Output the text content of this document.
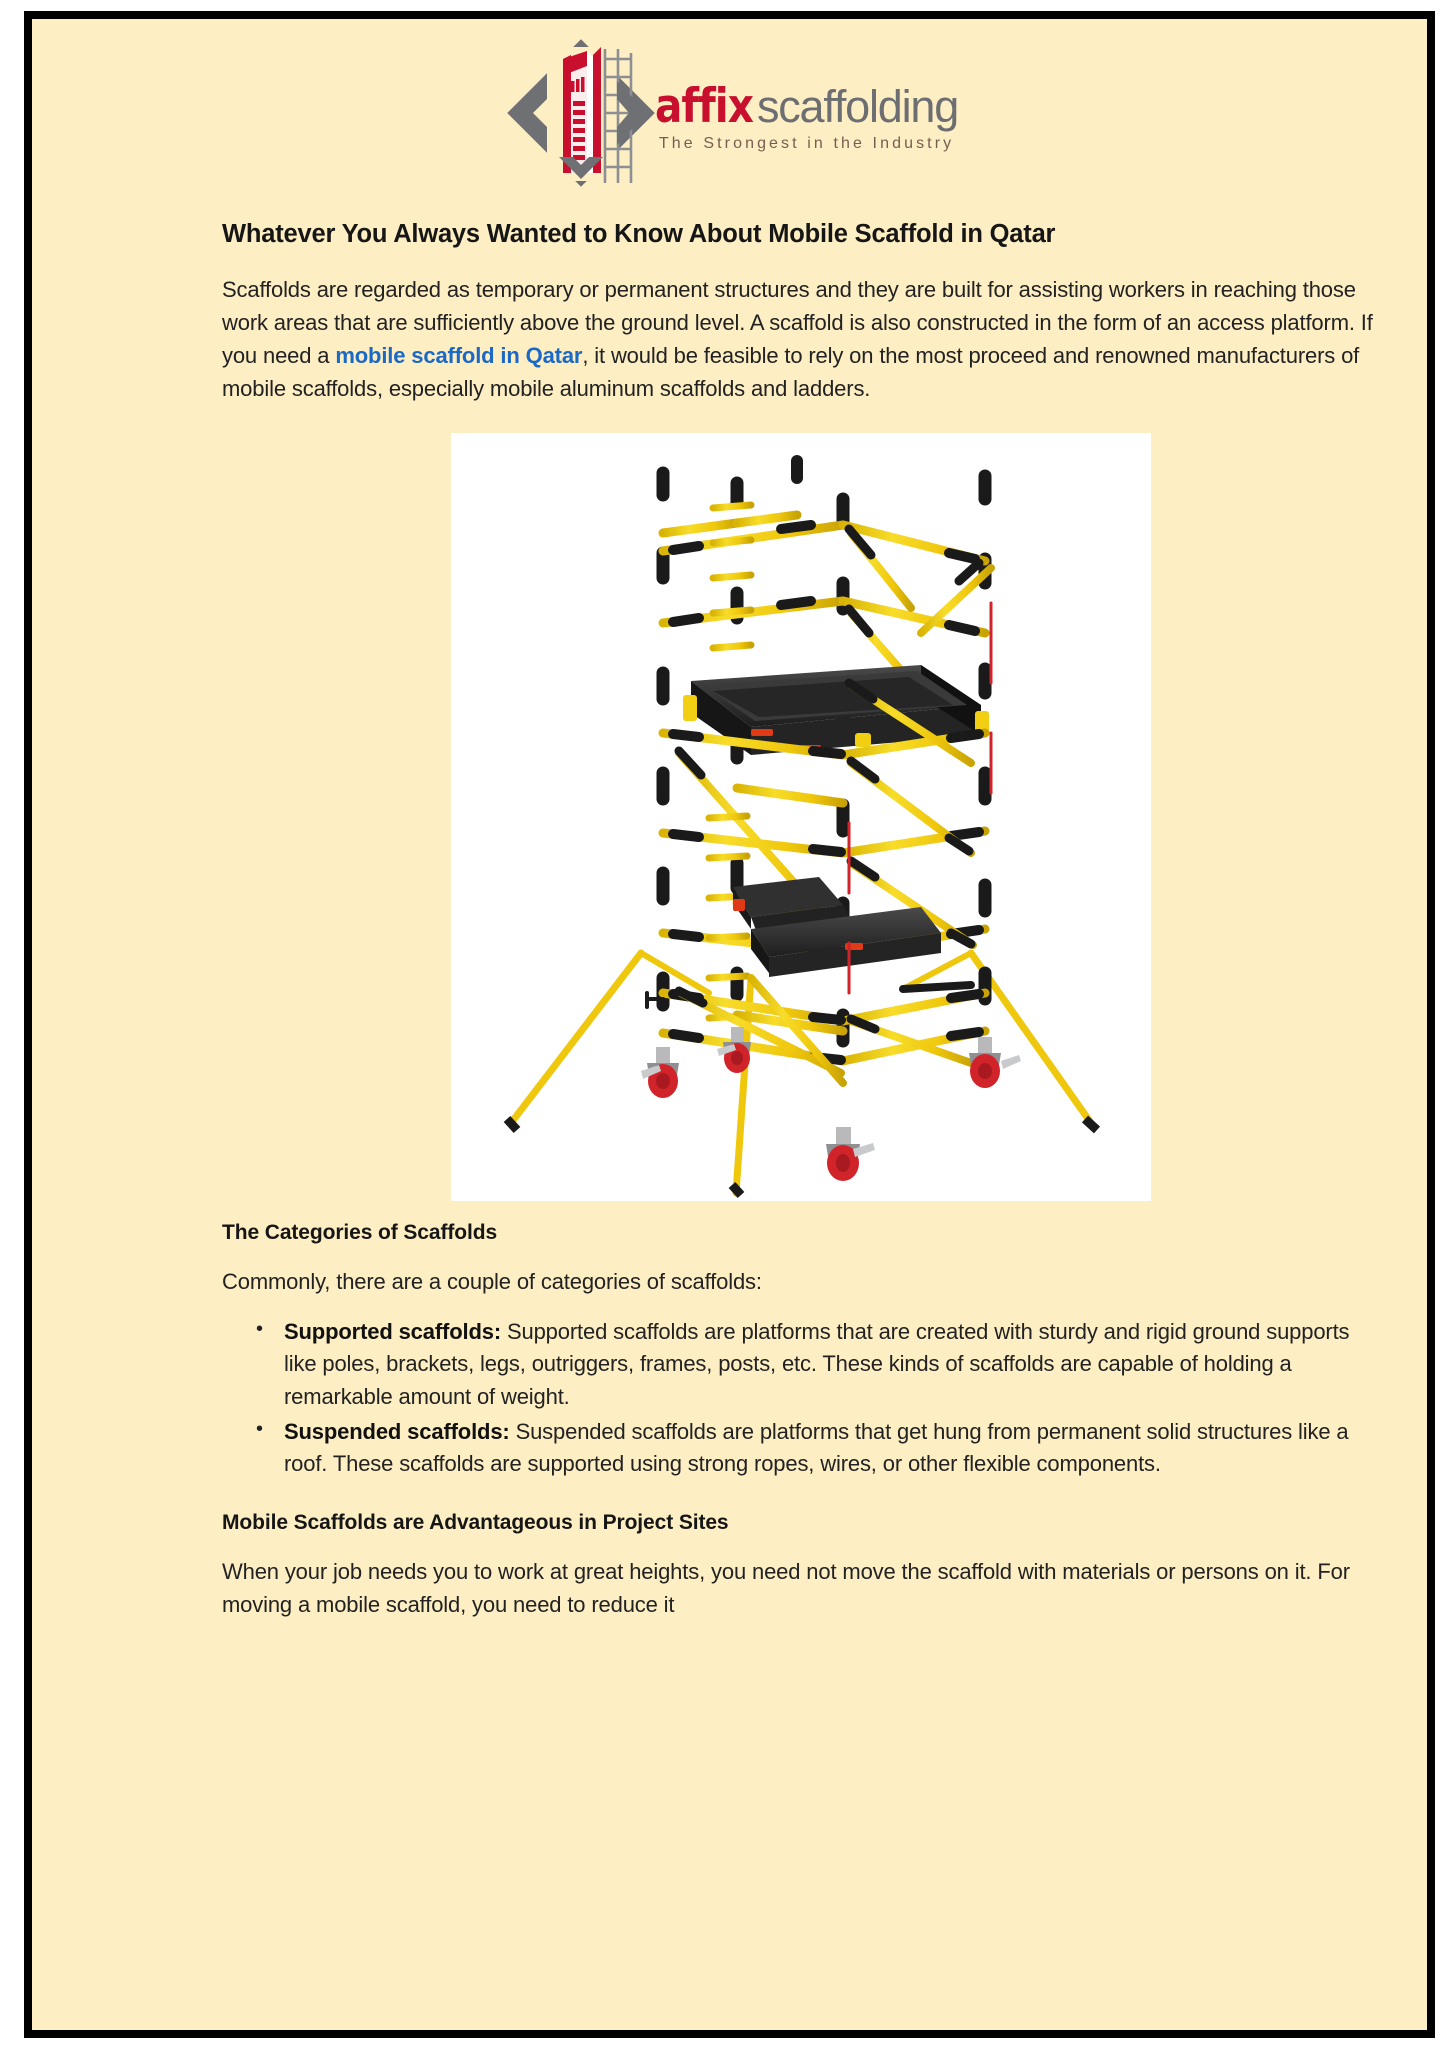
affix scaffolding
The Strongest in the Industry
Whatever You Always Wanted to Know About Mobile Scaffold in Qatar

Scaffolds are regarded as temporary or permanent structures and they are built for assisting workers in reaching those work areas that are sufficiently above the ground level. A scaffold is also constructed in the form of an access platform. If you need a mobile scaffold in Qatar, it would be feasible to rely on the most proceed and renowned manufacturers of mobile scaffolds, especially mobile aluminum scaffolds and ladders.

The Categories of Scaffolds

Commonly, there are a couple of categories of scaffolds:

• Supported scaffolds: Supported scaffolds are platforms that are created with sturdy and rigid ground supports like poles, brackets, legs, outriggers, frames, posts, etc. These kinds of scaffolds are capable of holding a remarkable amount of weight.
• Suspended scaffolds: Suspended scaffolds are platforms that get hung from permanent solid structures like a roof. These scaffolds are supported using strong ropes, wires, or other flexible components.
Mobile Scaffolds are Advantageous in Project Sites

When your job needs you to work at great heights, you need not move the scaffold with materials or persons on it. For moving a mobile scaffold, you need to reduce it
